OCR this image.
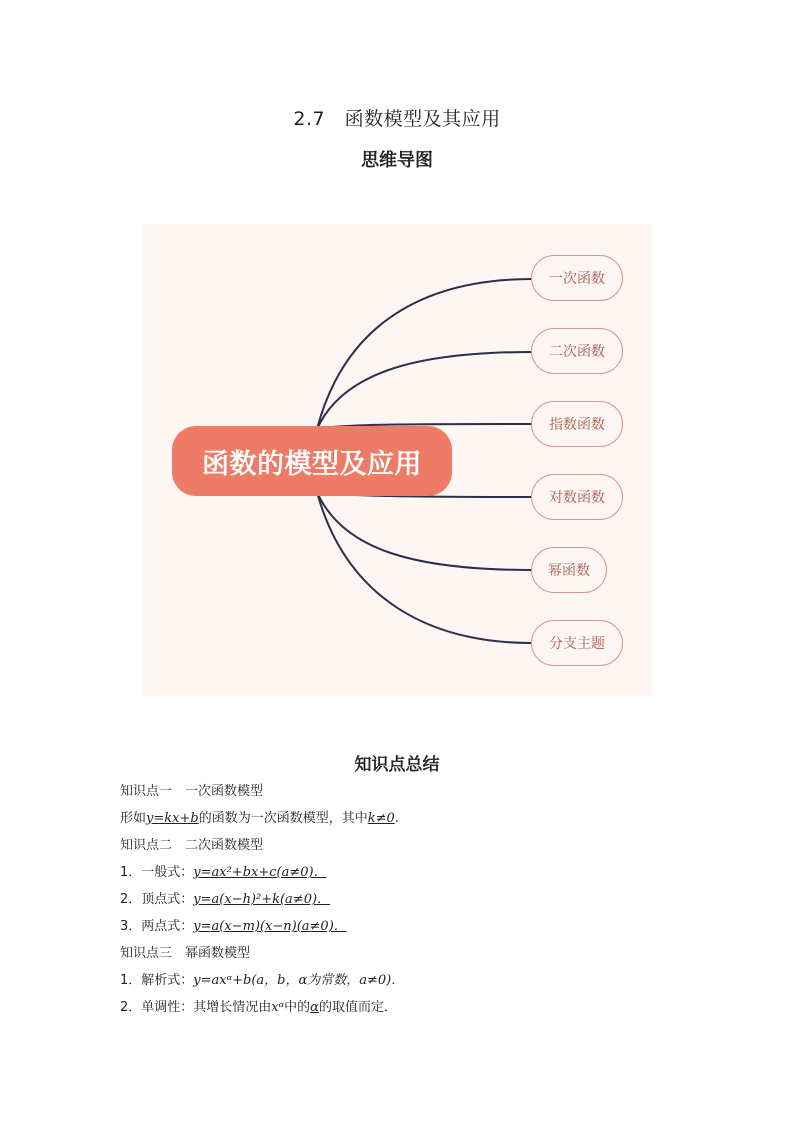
2.7　函数模型及其应用
思维导图
函数的模型及应用
一次函数
二次函数
指数函数
对数函数
幂函数
分支主题
知识点总结
知识点一　一次函数模型
形如y=kx+b的函数为一次函数模型，其中k≠0.
知识点二　二次函数模型
1．一般式：y=ax²+bx+c(a≠0)．
2．顶点式：y=a(x−h)²+k(a≠0)．
3．两点式：y=a(x−m)(x−n)(a≠0)．
知识点三　幂函数模型
1．解析式：y=axᵅ+b(a，b，α为常数，a≠0)．
2．单调性：其增长情况由xᵅ中的α的取值而定．
